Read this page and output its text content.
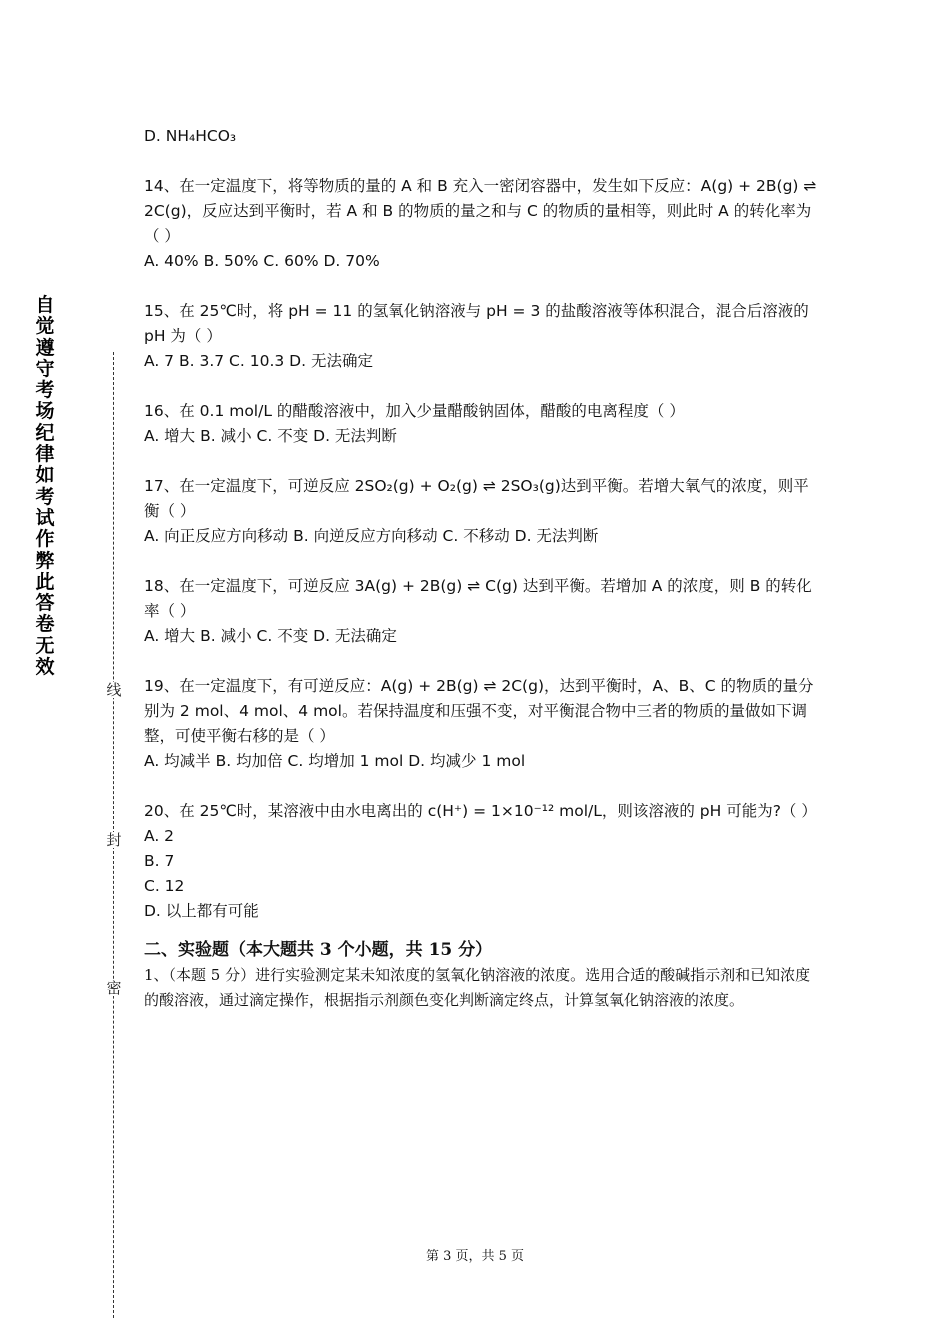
自觉遵守考场纪律如考试作弊此答卷无效
线
封
密

D. NH₄HCO₃

14、在一定温度下，将等物质的量的 A 和 B 充入一密闭容器中，发生如下反应：A(g) + 2B(g) ⇌ 2C(g)，反应达到平衡时，若 A 和 B 的物质的量之和与 C 的物质的量相等，则此时 A 的转化率为（ ）

A. 40% B. 50% C. 60% D. 70%

15、在 25℃时，将 pH = 11 的氢氧化钠溶液与 pH = 3 的盐酸溶液等体积混合，混合后溶液的 pH 为（ ）

A. 7 B. 3.7 C. 10.3 D. 无法确定

16、在 0.1 mol/L 的醋酸溶液中，加入少量醋酸钠固体，醋酸的电离程度（ ）

A. 增大 B. 减小 C. 不变 D. 无法判断

17、在一定温度下，可逆反应 2SO₂(g) + O₂(g) ⇌ 2SO₃(g)达到平衡。若增大氧气的浓度，则平衡（ ）

A. 向正反应方向移动 B. 向逆反应方向移动 C. 不移动 D. 无法判断

18、在一定温度下，可逆反应 3A(g) + 2B(g) ⇌ C(g) 达到平衡。若增加 A 的浓度，则 B 的转化率（ ）

A. 增大 B. 减小 C. 不变 D. 无法确定

19、在一定温度下，有可逆反应：A(g) + 2B(g) ⇌ 2C(g)，达到平衡时，A、B、C 的物质的量分别为 2 mol、4 mol、4 mol。若保持温度和压强不变，对平衡混合物中三者的物质的量做如下调整，可使平衡右移的是（ ）

A. 均减半 B. 均加倍 C. 均增加 1 mol D. 均减少 1 mol

20、在 25℃时，某溶液中由水电离出的 c(H⁺) = 1×10⁻¹² mol/L，则该溶液的 pH 可能为?（ ）

A. 2

B. 7

C. 12

D. 以上都有可能

二、实验题（本大题共 3 个小题，共 15 分）

1、（本题 5 分）进行实验测定某未知浓度的氢氧化钠溶液的浓度。选用合适的酸碱指示剂和已知浓度的酸溶液，通过滴定操作，根据指示剂颜色变化判断滴定终点，计算氢氧化钠溶液的浓度。

第 3 页，共 5 页
